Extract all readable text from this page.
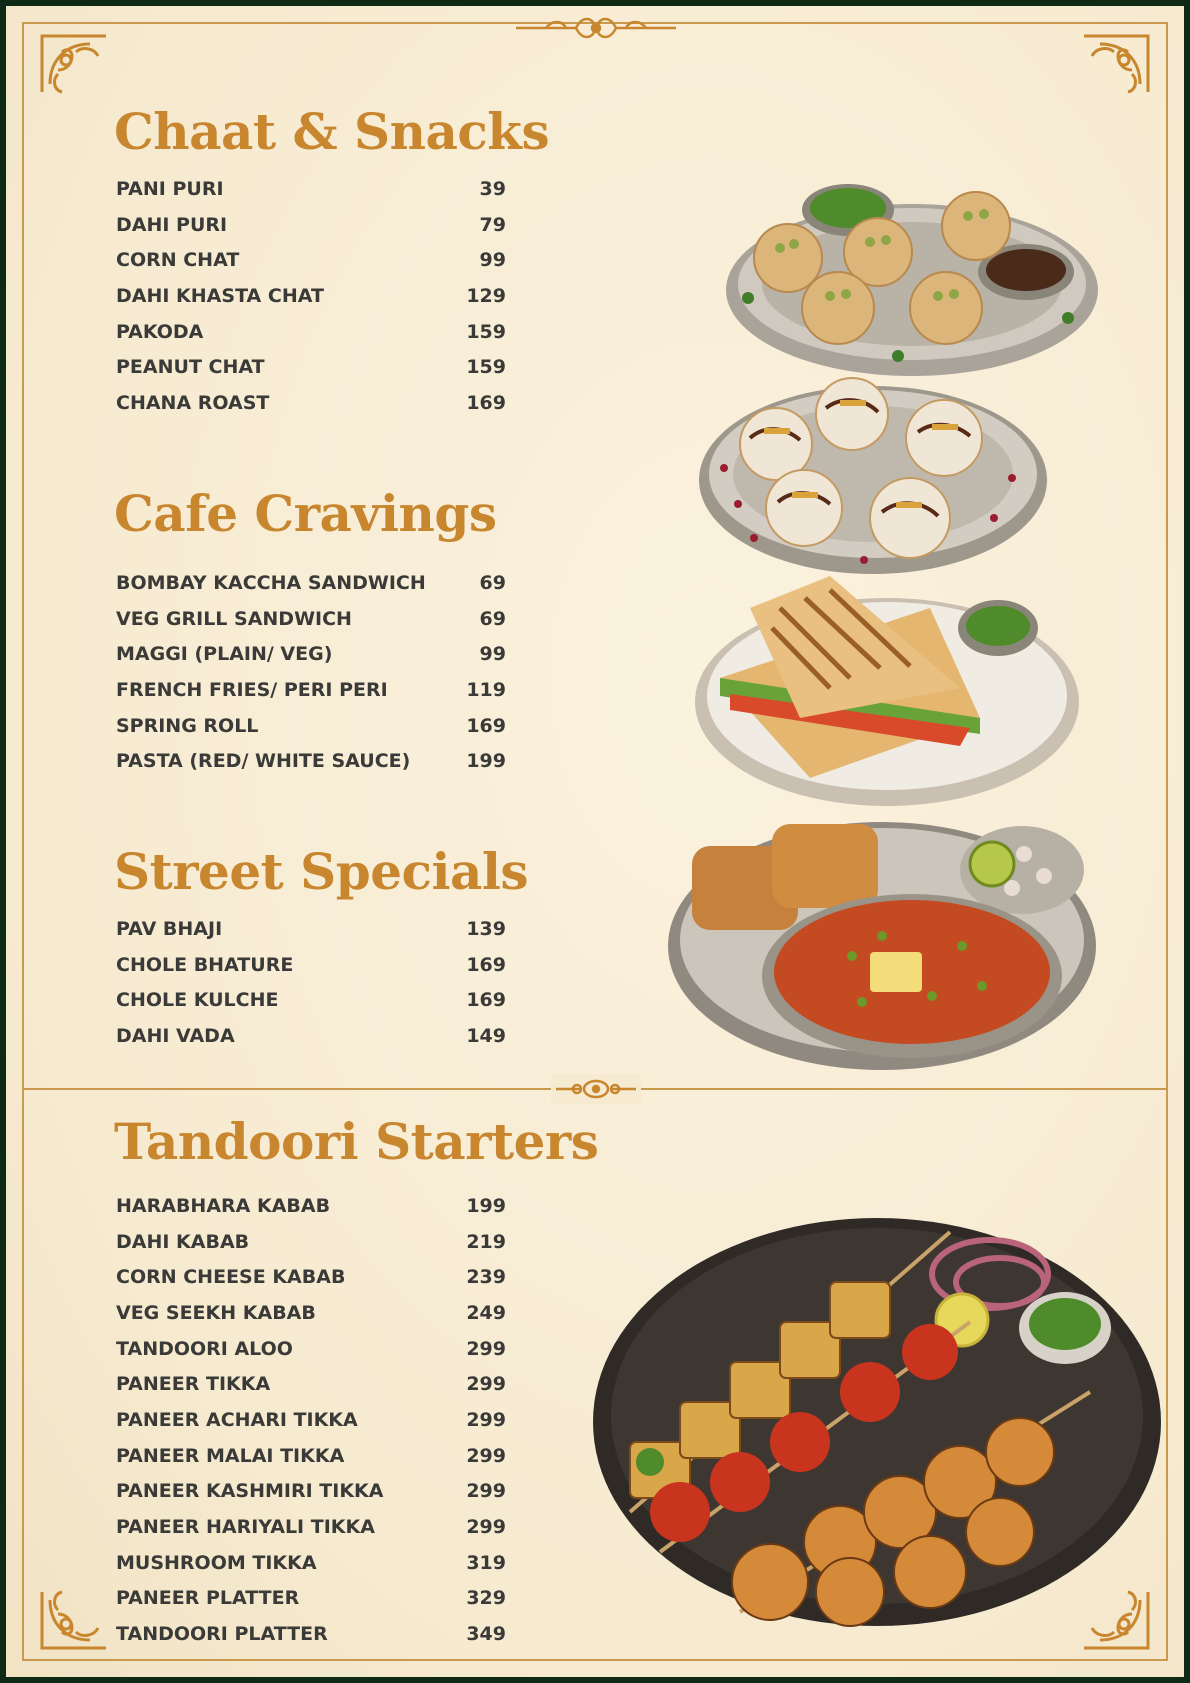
Chaat & Snacks
PANI PURI	39
DAHI PURI	79
CORN CHAT	99
DAHI KHASTA CHAT	129
PAKODA	159
PEANUT CHAT	159
CHANA ROAST	169
Cafe Cravings
BOMBAY KACCHA SANDWICH	69
VEG GRILL SANDWICH	69
MAGGI (PLAIN/ VEG)	99
FRENCH FRIES/ PERI PERI	119
SPRING ROLL	169
PASTA (RED/ WHITE SAUCE)	199
Street Specials
PAV BHAJI	139
CHOLE BHATURE	169
CHOLE KULCHE	169
DAHI VADA	149
Tandoori Starters
HARABHARA KABAB	199
DAHI KABAB	219
CORN CHEESE KABAB	239
VEG SEEKH KABAB	249
TANDOORI ALOO	299
PANEER TIKKA	299
PANEER ACHARI TIKKA	299
PANEER MALAI TIKKA	299
PANEER KASHMIRI TIKKA	299
PANEER HARIYALI TIKKA	299
MUSHROOM TIKKA	319
PANEER PLATTER	329
TANDOORI PLATTER	349
